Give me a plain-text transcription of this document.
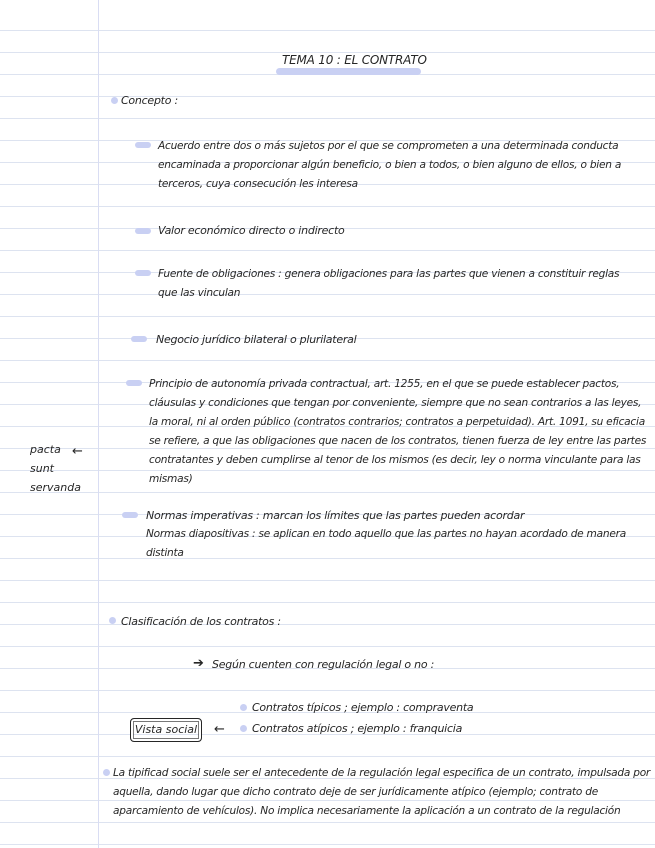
TEMA 10 : EL CONTRATO
Concepto :
Acuerdo entre dos o más sujetos por el que se comprometen a una determinada conducta encaminada a proporcionar algún beneficio, o bien a todos, o bien alguno de ellos, o bien a terceros, cuya consecución les interesa
Valor económico directo o indirecto
Fuente de obligaciones : genera obligaciones para las partes que vienen a constituir reglas que las vinculan
Negocio jurídico bilateral o plurilateral
Principio de autonomía privada contractual, art. 1255, en el que se puede establecer pactos, cláusulas y condiciones que tengan por conveniente, siempre que no sean contrarios a las leyes, la moral, ni al orden público (contratos contrarios; contratos a perpetuidad). Art. 1091, su eficacia se refiere, a que las obligaciones que nacen de los contratos, tienen fuerza de ley entre las partes contratantes y deben cumplirse al tenor de los mismos (es decir, ley o norma vinculante para las mismas)
pacta
sunt
servanda
←
Normas imperativas : marcan los límites que las partes pueden acordar
Normas diapositivas : se aplican en todo aquello que las partes no hayan acordado de manera distinta
Clasificación de los contratos :
➔ Según cuenten con regulación legal o no :
Contratos típicos ; ejemplo : compraventa
Contratos atípicos ; ejemplo : franquicia
Vista social	←
La tipificad social suele ser el antecedente de la regulación legal especifica de un contrato, impulsada por aquella, dando lugar que dicho contrato deje de ser jurídicamente atípico (ejemplo; contrato de aparcamiento de vehículos). No implica necesariamente la aplicación a un contrato de la regulación
